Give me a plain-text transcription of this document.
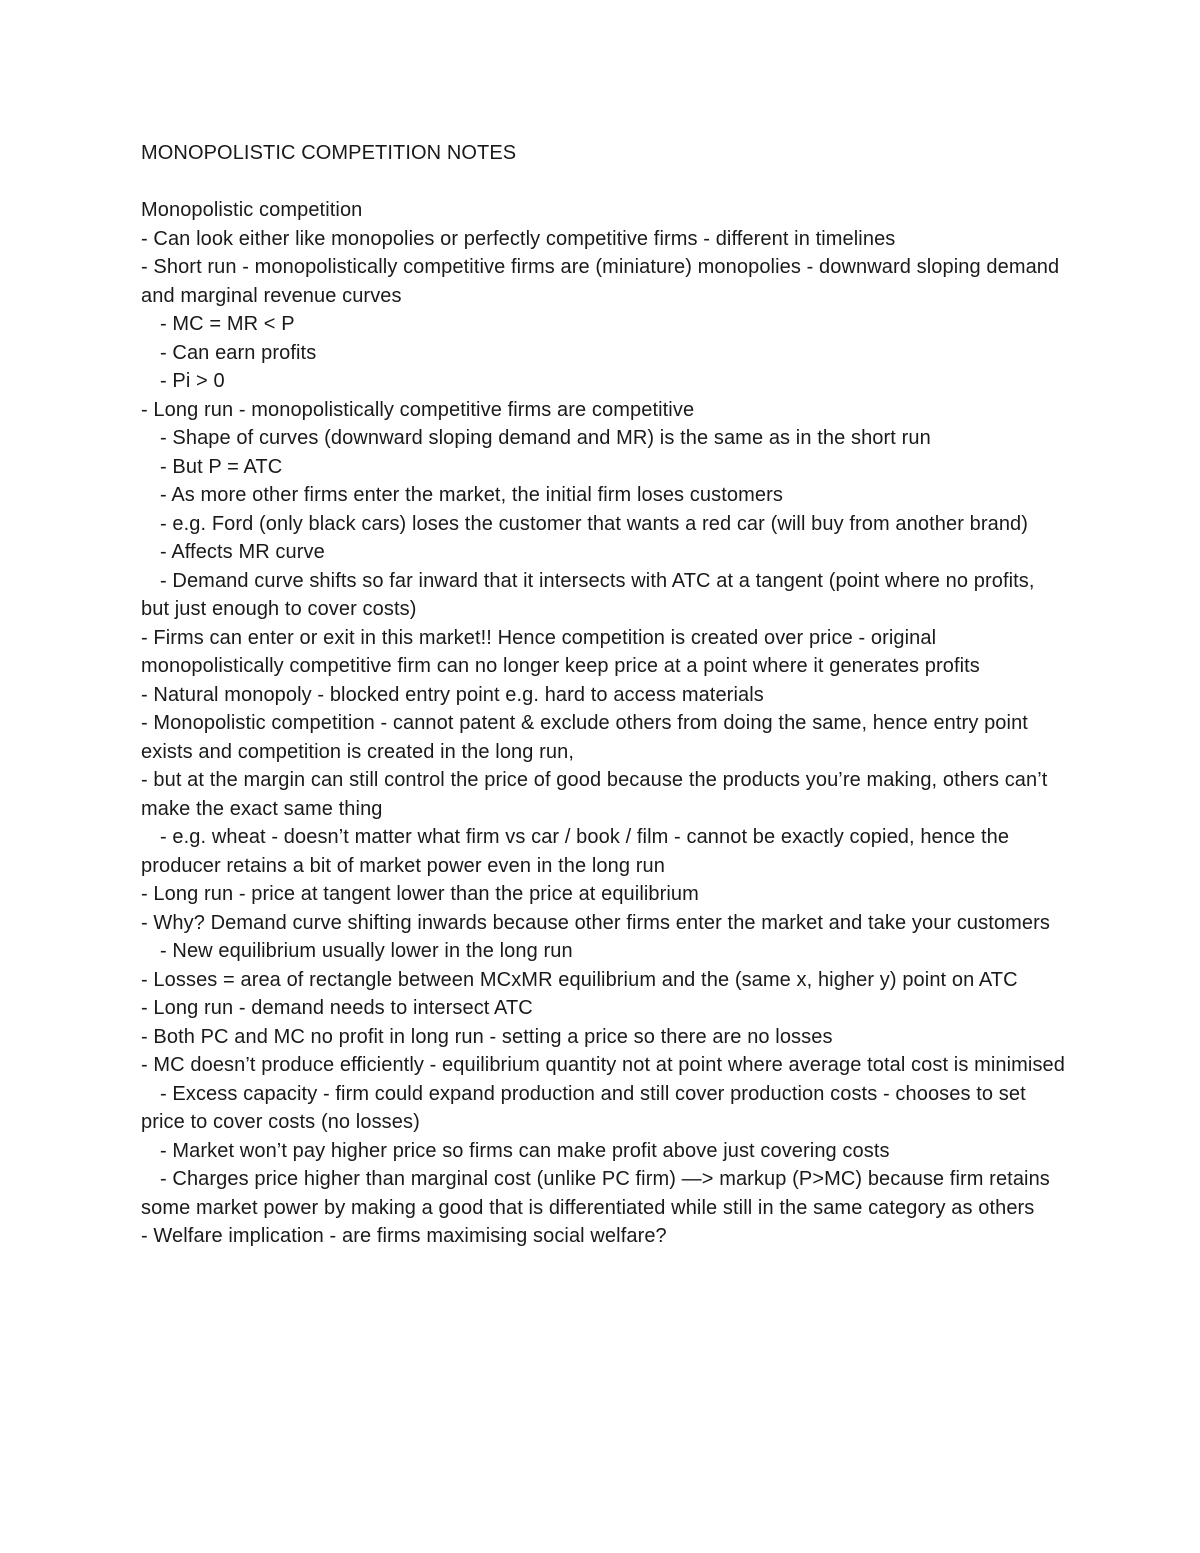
MONOPOLISTIC COMPETITION NOTES

Monopolistic competition

- Can look either like monopolies or perfectly competitive firms - different in timelines

- Short run - monopolistically competitive firms are (miniature) monopolies - downward sloping demand and marginal revenue curves

- MC = MR < P

- Can earn profits

- Pi > 0

- Long run - monopolistically competitive firms are competitive

- Shape of curves (downward sloping demand and MR) is the same as in the short run

- But P = ATC

- As more other firms enter the market, the initial firm loses customers

- e.g. Ford (only black cars) loses the customer that wants a red car (will buy from another brand)

- Affects MR curve

- Demand curve shifts so far inward that it intersects with ATC at a tangent (point where no profits, but just enough to cover costs)

- Firms can enter or exit in this market!! Hence competition is created over price - original monopolistically competitive firm can no longer keep price at a point where it generates profits

- Natural monopoly - blocked entry point e.g. hard to access materials

- Monopolistic competition - cannot patent & exclude others from doing the same, hence entry point exists and competition is created in the long run,

- but at the margin can still control the price of good because the products you’re making, others can’t make the exact same thing

- e.g. wheat - doesn’t matter what firm vs car / book / film - cannot be exactly copied, hence the producer retains a bit of market power even in the long run

- Long run - price at tangent lower than the price at equilibrium

- Why? Demand curve shifting inwards because other firms enter the market and take your customers

- New equilibrium usually lower in the long run

- Losses = area of rectangle between MCxMR equilibrium and the (same x, higher y) point on ATC

- Long run - demand needs to intersect ATC

- Both PC and MC no profit in long run - setting a price so there are no losses

- MC doesn’t produce efficiently - equilibrium quantity not at point where average total cost is minimised

- Excess capacity - firm could expand production and still cover production costs - chooses to set price to cover costs (no losses)

- Market won’t pay higher price so firms can make profit above just covering costs

- Charges price higher than marginal cost (unlike PC firm) —> markup (P>MC) because firm retains some market power by making a good that is differentiated while still in the same category as others

- Welfare implication - are firms maximising social welfare?
